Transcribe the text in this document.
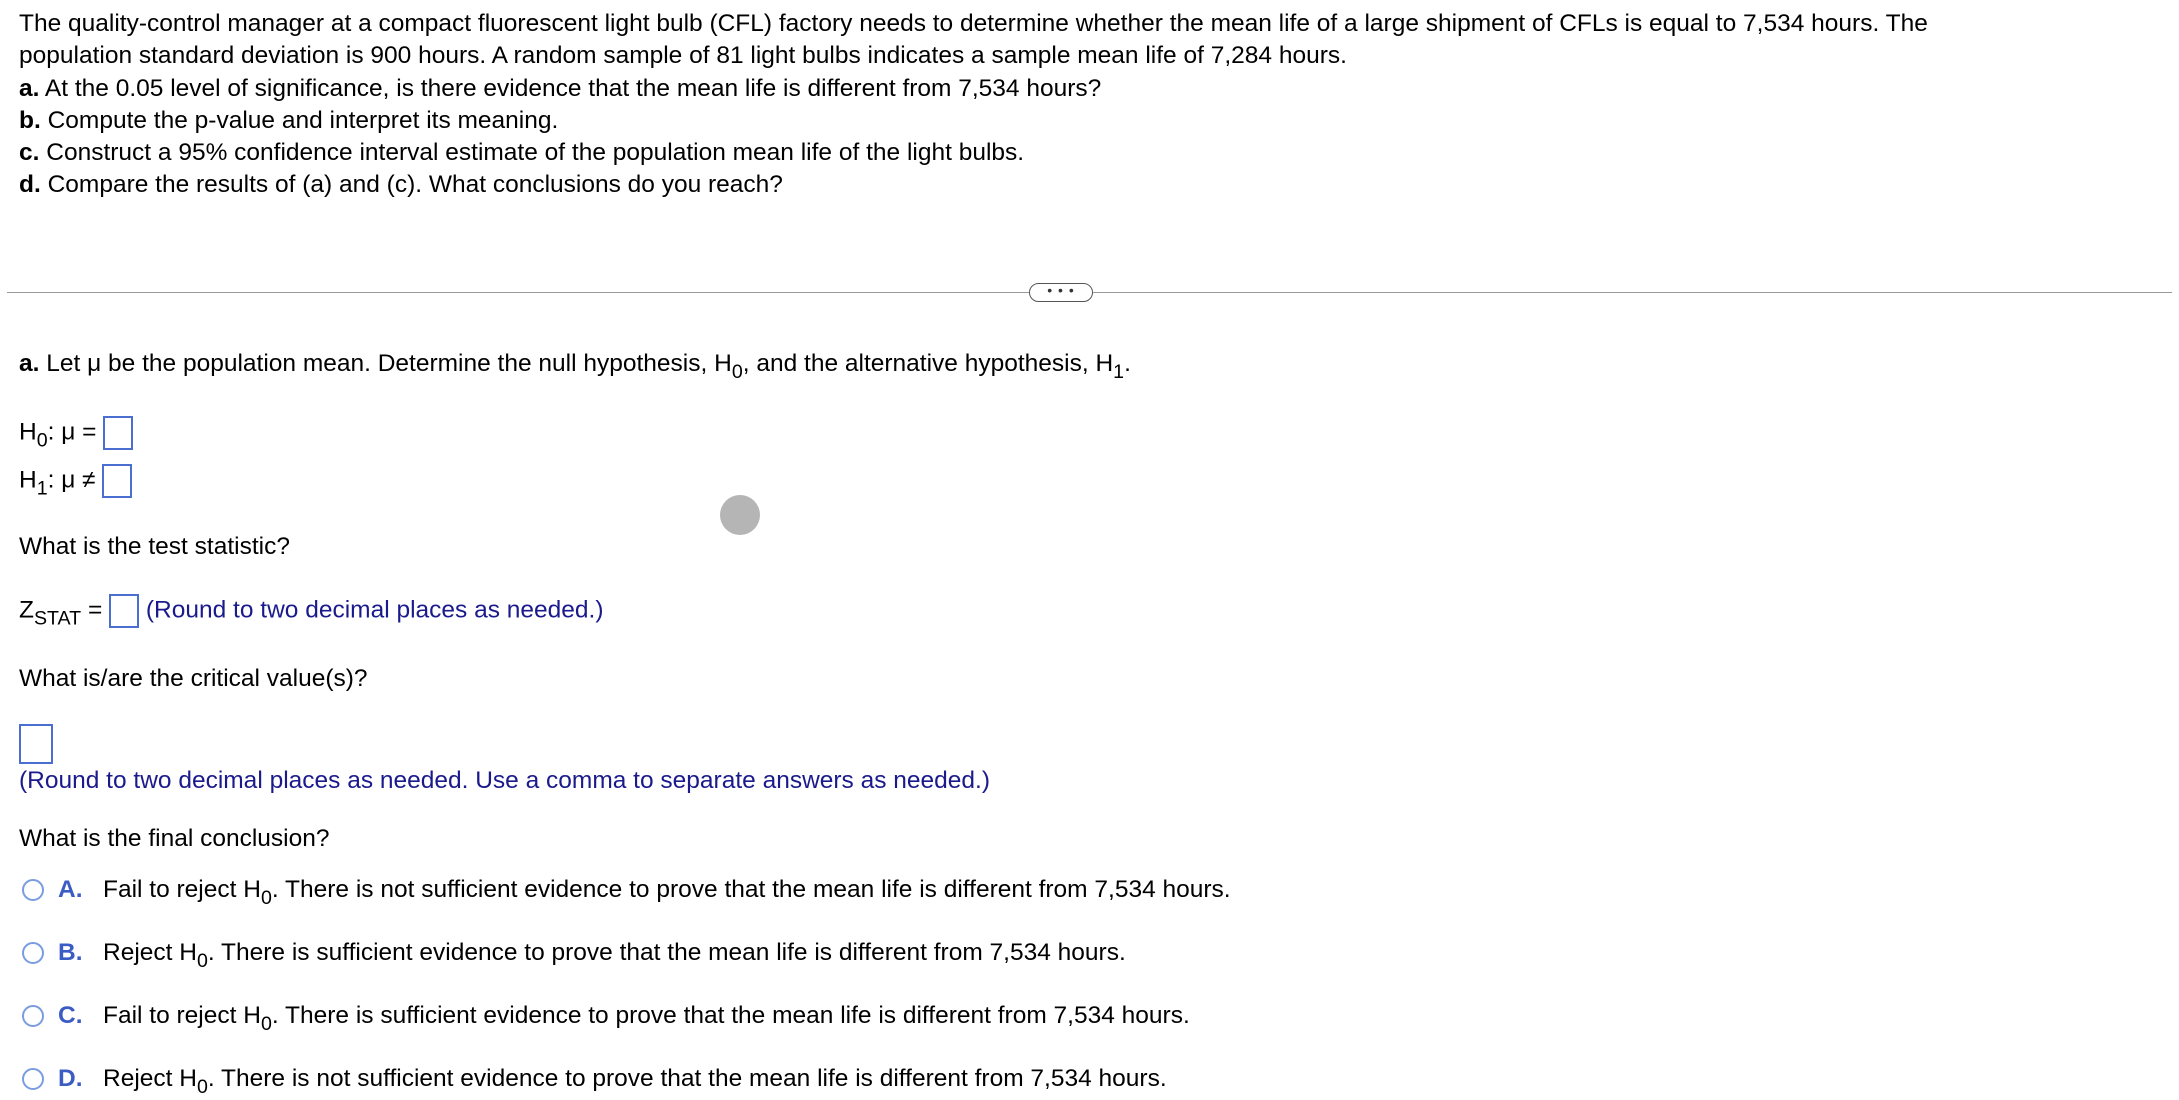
The quality-control manager at a compact fluorescent light bulb (CFL) factory needs to determine whether the mean life of a large shipment of CFLs is equal to 7,534 hours. The
population standard deviation is 900 hours. A random sample of 81 light bulbs indicates a sample mean life of 7,284 hours.
a. At the 0.05 level of significance, is there evidence that the mean life is different from 7,534 hours?
b. Compute the p-value and interpret its meaning.
c. Construct a 95% confidence interval estimate of the population mean life of the light bulbs.
d. Compare the results of (a) and (c). What conclusions do you reach?
• • •
a. Let μ be the population mean. Determine the null hypothesis, $H_0$, and the alternative hypothesis, $H_1$.
$H_0$: μ =
$H_1$: μ ≠
What is the test statistic?
$Z_{STAT}$ = (Round to two decimal places as needed.)
What is/are the critical value(s)?
(Round to two decimal places as needed. Use a comma to separate answers as needed.)
What is the final conclusion?
A. Fail to reject $H_0$. There is not sufficient evidence to prove that the mean life is different from 7,534 hours.
B. Reject $H_0$. There is sufficient evidence to prove that the mean life is different from 7,534 hours.
C. Fail to reject $H_0$. There is sufficient evidence to prove that the mean life is different from 7,534 hours.
D. Reject $H_0$. There is not sufficient evidence to prove that the mean life is different from 7,534 hours.
